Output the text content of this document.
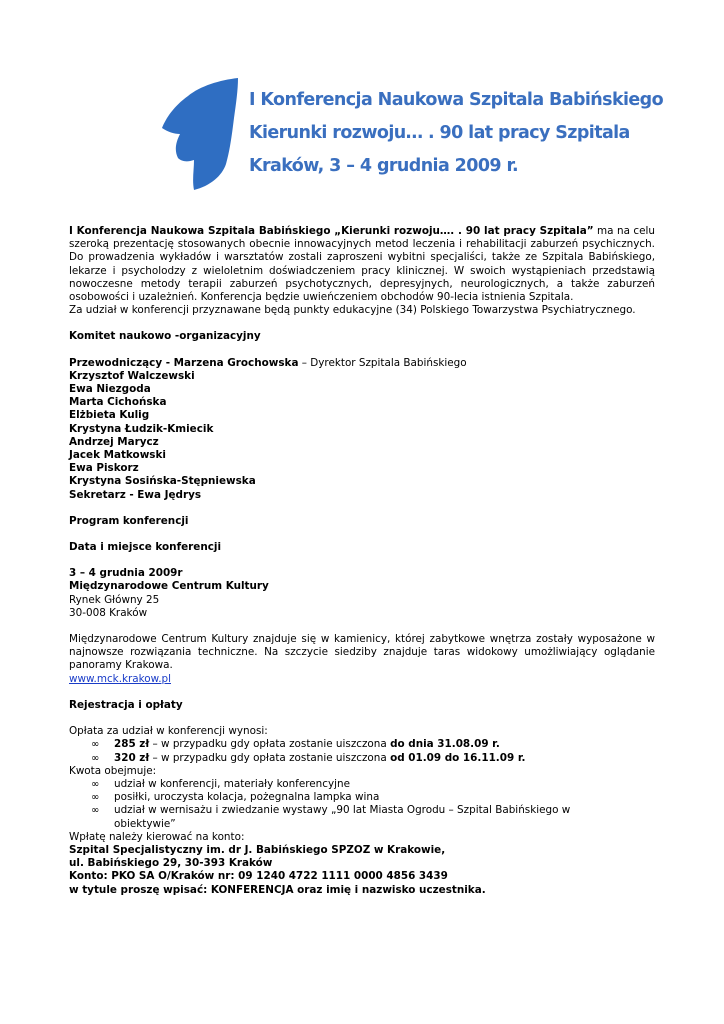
I Konferencja Naukowa Szpitala Babińskiego
Kierunki rozwoju… . 90 lat pracy Szpitala
Kraków, 3 – 4 grudnia 2009 r.
I Konferencja Naukowa Szpitala Babińskiego „Kierunki rozwoju…. . 90 lat pracy Szpitala” ma na celu szeroką prezentację stosowanych obecnie innowacyjnych metod leczenia i rehabilitacji zaburzeń psychicznych. Do prowadzenia wykładów i warsztatów zostali zaproszeni wybitni specjaliści, także ze Szpitala Babińskiego, lekarze i psycholodzy z wieloletnim doświadczeniem pracy klinicznej. W swoich wystąpieniach przedstawią nowoczesne metody terapii zaburzeń psychotycznych, depresyjnych, neurologicznych, a także zaburzeń osobowości i uzależnień. Konferencja będzie uwieńczeniem obchodów 90-lecia istnienia Szpitala.
Za udział w konferencji przyznawane będą punkty edukacyjne (34) Polskiego Towarzystwa Psychiatrycznego.
Komitet naukowo -organizacyjny
Przewodniczący - Marzena Grochowska – Dyrektor Szpitala Babińskiego
Krzysztof Walczewski
Ewa Niezgoda
Marta Cichońska
Elżbieta Kulig
Krystyna Łudzik-Kmiecik
Andrzej Marycz
Jacek Matkowski
Ewa Piskorz
Krystyna Sosińska-Stępniewska
Sekretarz - Ewa Jędrys
Program konferencji
Data i miejsce konferencji
3 – 4 grudnia 2009r
Międzynarodowe Centrum Kultury
Rynek Główny 25
30-008 Kraków
Międzynarodowe Centrum Kultury znajduje się w kamienicy, której zabytkowe wnętrza zostały wyposażone w najnowsze rozwiązania techniczne. Na szczycie siedziby znajduje taras widokowy umożliwiający oglądanie panoramy Krakowa.
www.mck.krakow.pl
Rejestracja i opłaty
Opłata za udział w konferencji wynosi:
∞ 285 zł – w przypadku gdy opłata zostanie uiszczona do dnia 31.08.09 r.
∞ 320 zł – w przypadku gdy opłata zostanie uiszczona od 01.09 do 16.11.09 r.
Kwota obejmuje:
∞ udział w konferencji, materiały konferencyjne
∞ posiłki, uroczysta kolacja, pożegnalna lampka wina
∞ udział w wernisażu i zwiedzanie wystawy „90 lat Miasta Ogrodu – Szpital Babińskiego w obiektywie”
Wpłatę należy kierować na konto:
Szpital Specjalistyczny im. dr J. Babińskiego SPZOZ w Krakowie,
ul. Babińskiego 29, 30-393 Kraków
Konto: PKO SA O/Kraków nr: 09 1240 4722 1111 0000 4856 3439
w tytule proszę wpisać: KONFERENCJA oraz imię i nazwisko uczestnika.
